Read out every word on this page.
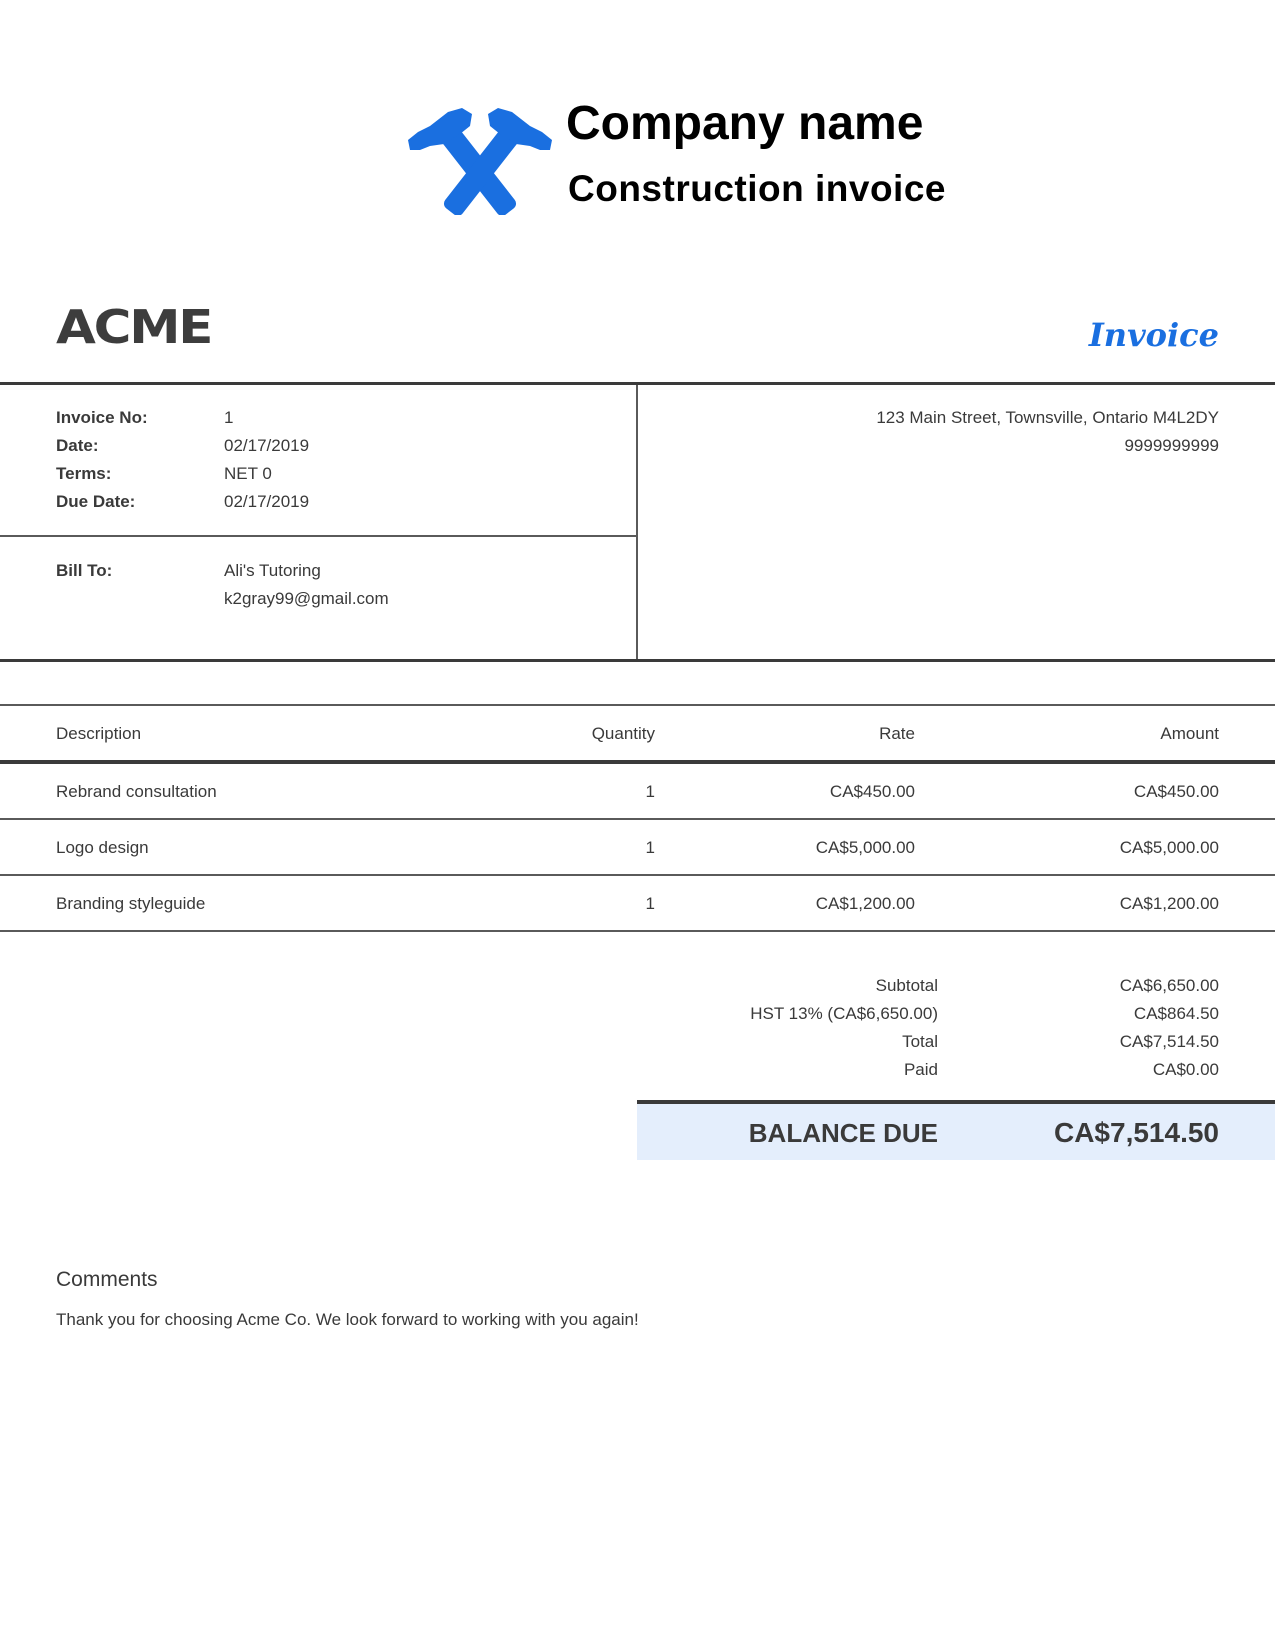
Company name
Construction invoice
ACME	Invoice
Invoice No:	1
Date:	02/17/2019
Terms:	NET 0
Due Date:	02/17/2019
Bill To:	Ali's Tutoring
k2gray99@gmail.com
123 Main Street, Townsville, Ontario M4L2DY
9999999999
Description	Quantity	Rate	Amount
Rebrand consultation	1	CA$450.00	CA$450.00
Logo design	1	CA$5,000.00	CA$5,000.00
Branding styleguide	1	CA$1,200.00	CA$1,200.00
Subtotal	CA$6,650.00
HST 13% (CA$6,650.00)	CA$864.50
Total	CA$7,514.50
Paid	CA$0.00
BALANCE DUE	CA$7,514.50
Comments
Thank you for choosing Acme Co. We look forward to working with you again!
